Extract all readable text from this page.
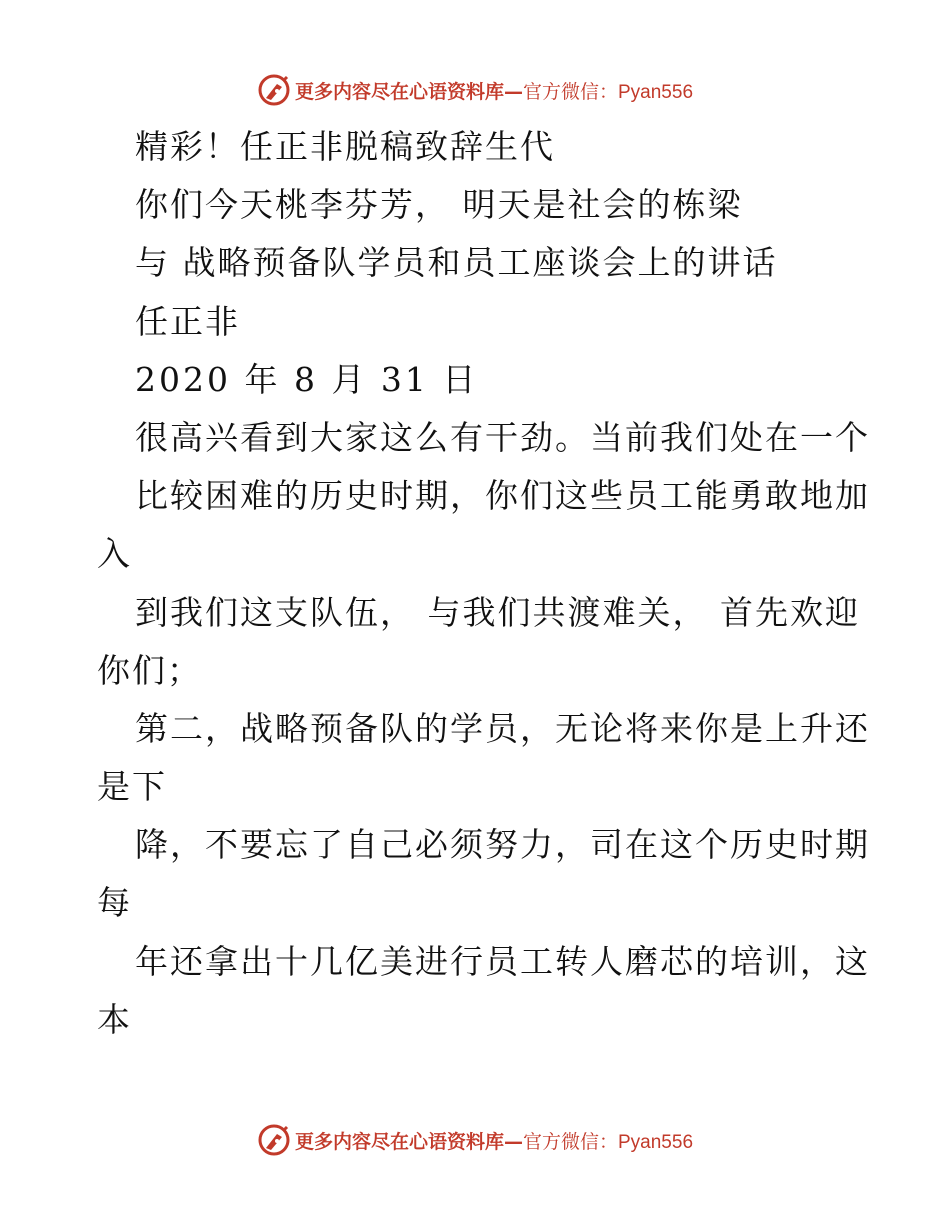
更多内容尽在心语资料库—官方微信：Pyan556
精彩！任正非脱稿致辞生代
你们今天桃李芬芳， 明天是社会的栋梁
与 战略预备队学员和员工座谈会上的讲话
任正非
2020 年 8 月 31 日
很高兴看到大家这么有干劲。当前我们处在一个
比较困难的历史时期，你们这些员工能勇敢地加
入
到我们这支队伍， 与我们共渡难关， 首先欢迎
你们；
第二，战略预备队的学员，无论将来你是上升还
是下
降，不要忘了自己必须努力，司在这个历史时期
每
年还拿出十几亿美进行员工转人磨芯的培训，这
本
更多内容尽在心语资料库—官方微信：Pyan556
